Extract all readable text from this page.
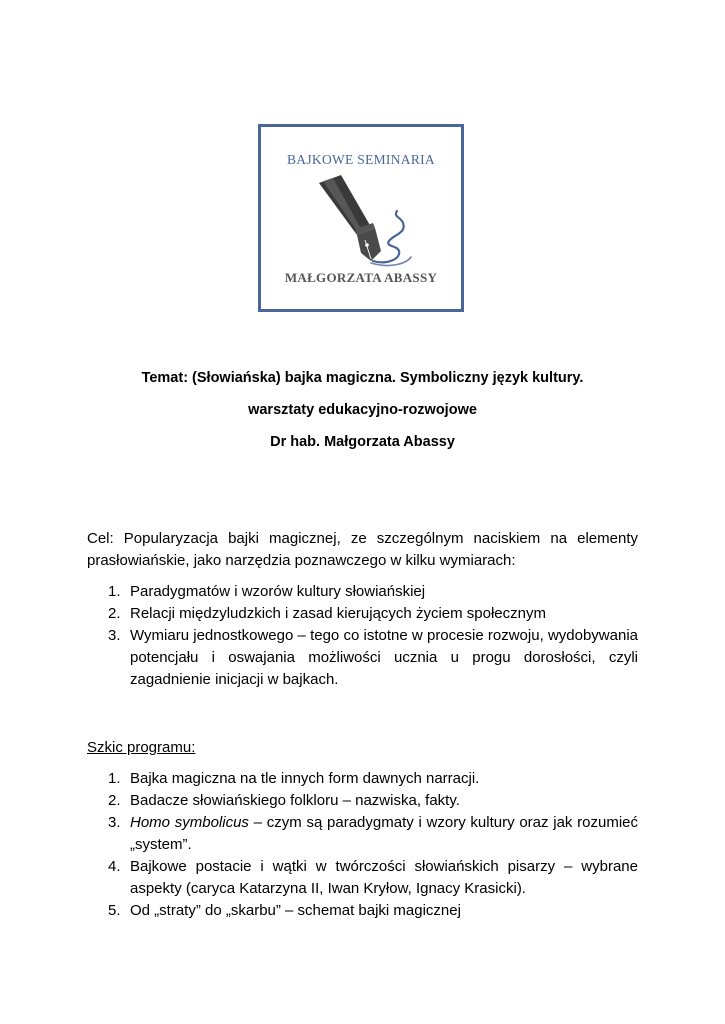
BAJKOWE SEMINARIA
MAŁGORZATA ABASSY
Temat: (Słowiańska) bajka magiczna. Symboliczny język kultury.
warsztaty edukacyjno-rozwojowe
Dr hab. Małgorzata Abassy
Cel: Popularyzacja bajki magicznej, ze szczególnym naciskiem na elementy prasłowiańskie, jako narzędzia poznawczego w kilku wymiarach:
1. Paradygmatów i wzorów kultury słowiańskiej
2. Relacji międzyludzkich i zasad kierujących życiem społecznym
3. Wymiaru jednostkowego – tego co istotne w procesie rozwoju, wydobywania potencjału i oswajania możliwości ucznia u progu dorosłości, czyli zagadnienie inicjacji w bajkach.
Szkic programu:
1. Bajka magiczna na tle innych form dawnych narracji.
2. Badacze słowiańskiego folkloru – nazwiska, fakty.
3. Homo symbolicus – czym są paradygmaty i wzory kultury oraz jak rozumieć „system”.
4. Bajkowe postacie i wątki w twórczości słowiańskich pisarzy – wybrane aspekty (caryca Katarzyna II, Iwan Kryłow, Ignacy Krasicki).
5. Od „straty” do „skarbu” – schemat bajki magicznej
